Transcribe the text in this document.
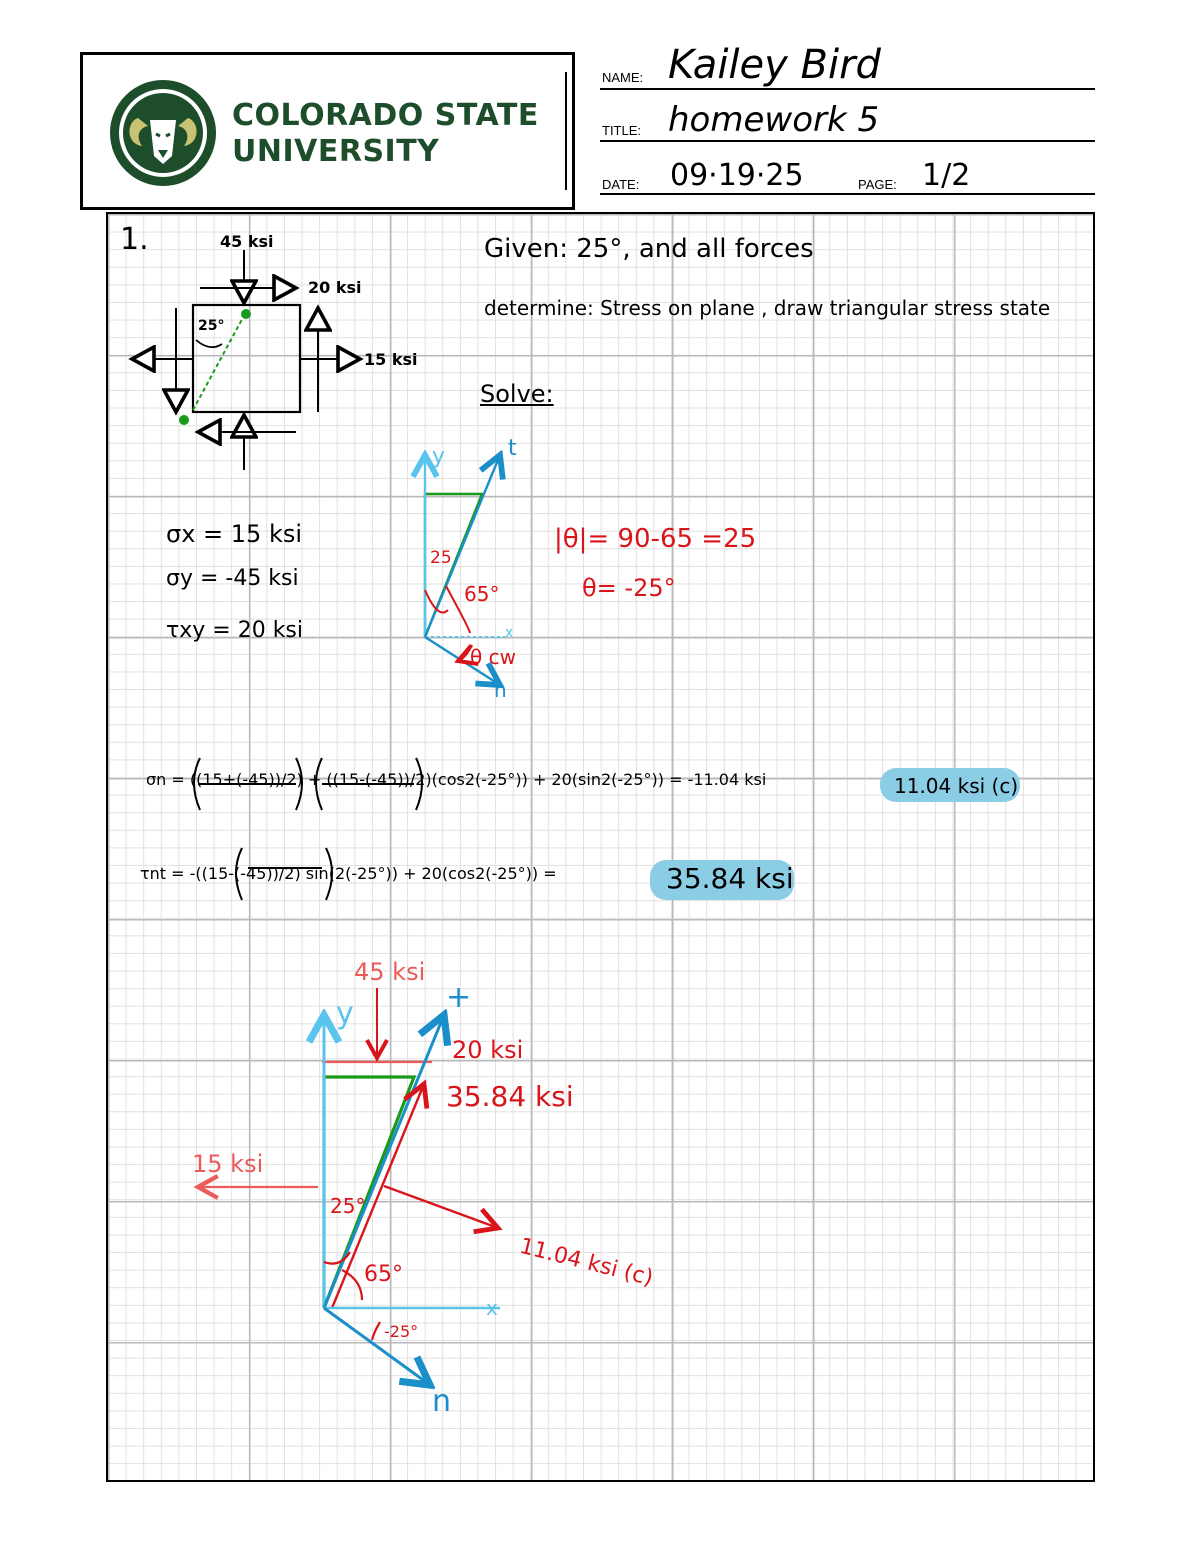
COLORADO STATE
UNIVERSITY
NAME: Kailey Bird
TITLE: homework 5
DATE: 09·19·25	PAGE: 1/2
1.	Given: 25°, and all forces
determine: Stress on plane , draw triangular stress state
Solve:
45 ksi
20 ksi
15 ksi
25°
σx = 15 ksi
σy = -45 ksi
τxy = 20 ksi
y	t
x
n
25
65°
θ cw
|θ|= 90-65 =25
θ= -25°
σn = ((15+(-45))/2) + ((15-(-45))/2)(cos2(-25°)) + 20(sin2(-25°)) = -11.04 ksi	11.04 ksi (c)
τnt = -((15-(-45))/2) sin(2(-25°)) + 20(cos2(-25°)) =	35.84 ksi
45 ksi
20 ksi
15 ksi
35.84 ksi
11.04 ksi (c)
y	+
x
n
25°
65°
-25°
